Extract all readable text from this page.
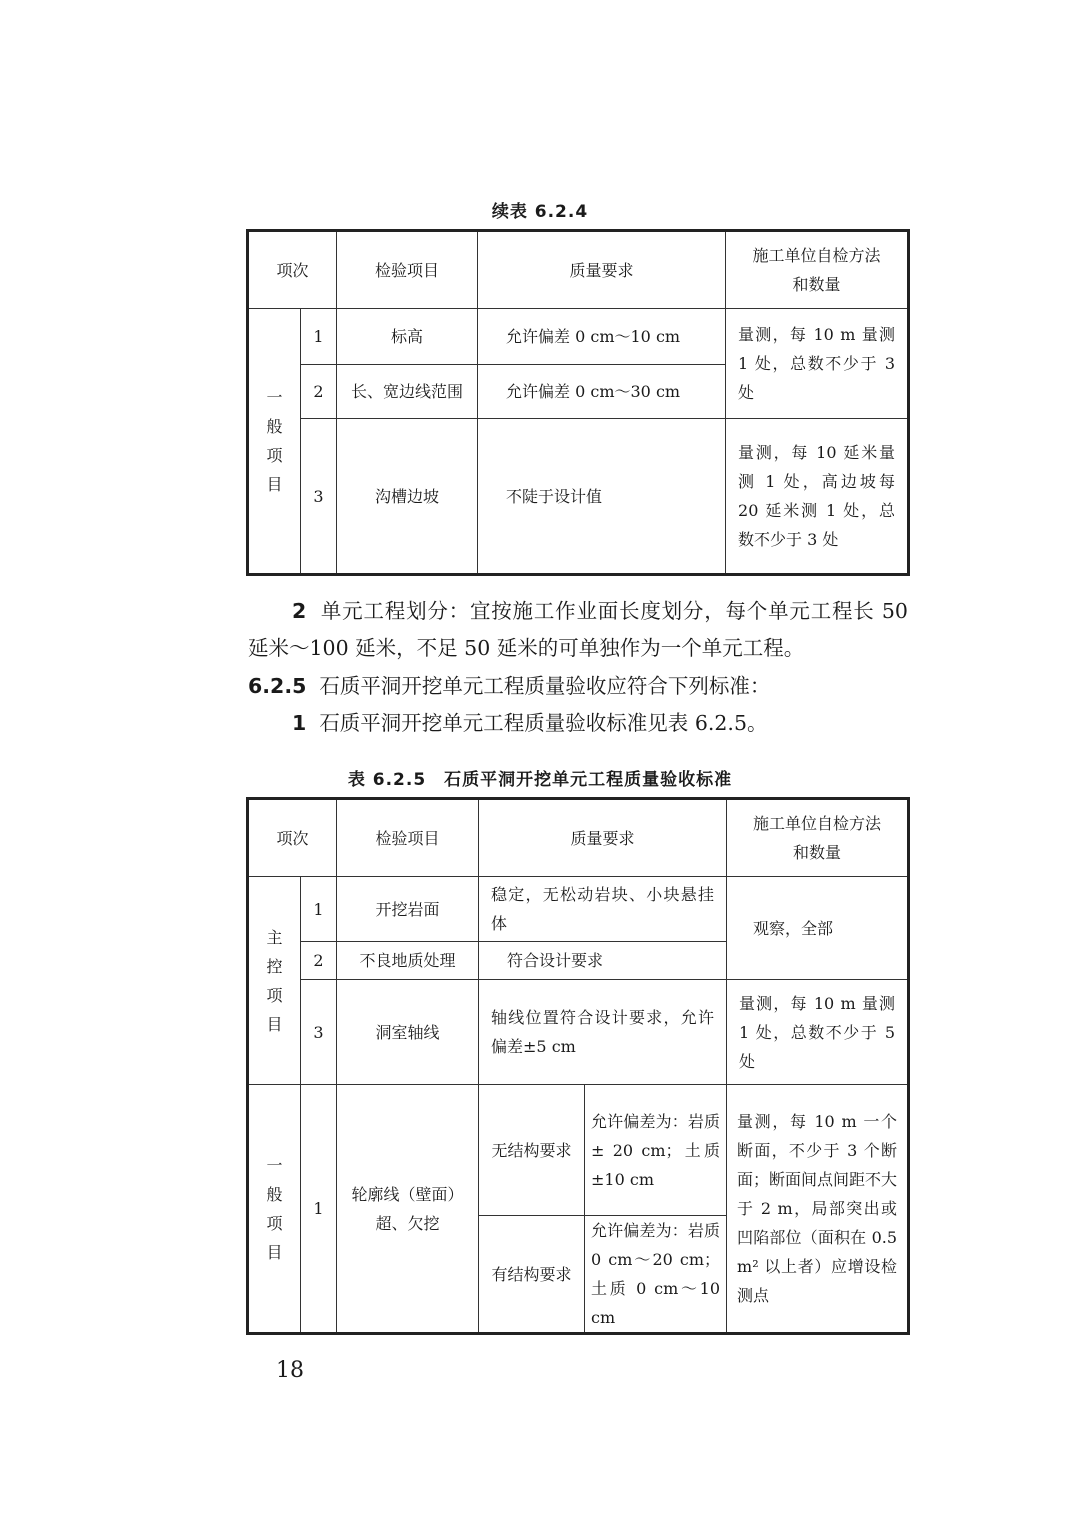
续表 6.2.4
项次		检验项目	质量要求	施工单位自检方法和数量
一般项目	1	标高	允许偏差 0 cm～10 cm	量测，每 10 m 量测 1 处，总数不少于 3 处
	2	长、宽边线范围	允许偏差 0 cm～30 cm	
	3	沟槽边坡	不陡于设计值	量测，每 10 延米量测 1 处，高边坡每 20 延米测 1 处，总数不少于 3 处
2 单元工程划分：宜按施工作业面长度划分，每个单元工程长 50 延米～100 延米，不足 50 延米的可单独作为一个单元工程。
6.2.5 石质平洞开挖单元工程质量验收应符合下列标准：
1 石质平洞开挖单元工程质量验收标准见表 6.2.5。
表 6.2.5　石质平洞开挖单元工程质量验收标准
项次		检验项目	质量要求		施工单位自检方法和数量
主控项目	1	开挖岩面	稳定，无松动岩块、小块悬挂体		观察，全部
	2	不良地质处理	符合设计要求		
	3	洞室轴线	轴线位置符合设计要求，允许偏差±5 cm		量测，每 10 m 量测 1 处，总数不少于 5 处
一般项目	1	轮廓线（壁面）超、欠挖	无结构要求	允许偏差为：岩质 ± 20 cm；土质±10 cm	量测，每 10 m 一个断面，不少于 3 个断面；断面间点间距不大于 2 m，局部突出或凹陷部位（面积在 0.5 m² 以上者）应增设检测点
			有结构要求	允许偏差为：岩质 0 cm～20 cm；土质 0 cm～10 cm	
18
